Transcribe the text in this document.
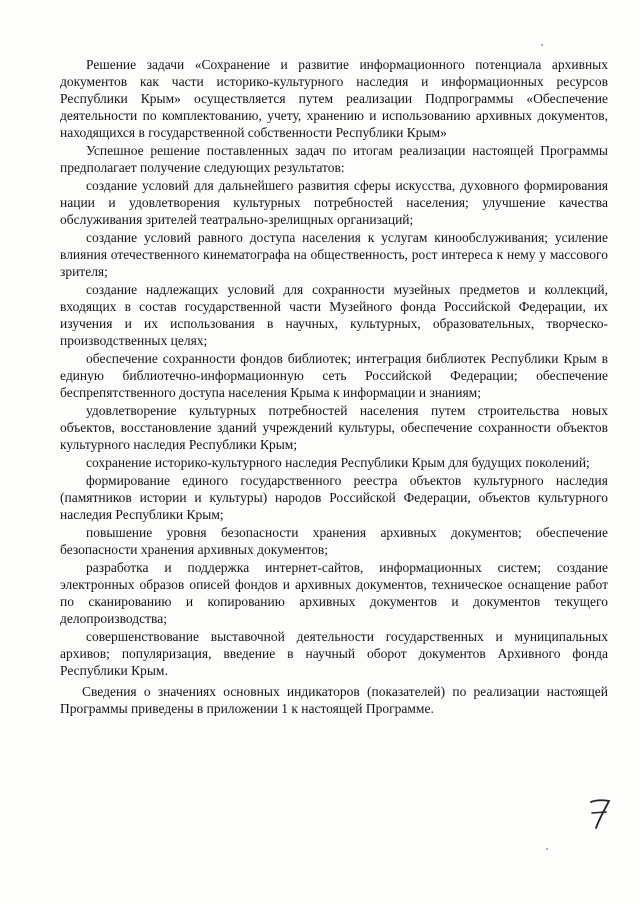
Решение задачи «Сохранение и развитие информационного потенциала архивных документов как части историко-культурного наследия и информационных ресурсов Республики Крым» осуществляется путем реализации Подпрограммы «Обеспечение деятельности по комплектованию, учету, хранению и использованию архивных документов, находящихся в государственной собственности Республики Крым»

Успешное решение поставленных задач по итогам реализации настоящей Программы предполагает получение следующих результатов:

создание условий для дальнейшего развития сферы искусства, духовного формирования нации и удовлетворения культурных потребностей населения; улучшение качества обслуживания зрителей театрально-зрелищных организаций;

создание условий равного доступа населения к услугам кинообслуживания; усиление влияния отечественного кинематографа на общественность, рост интереса к нему у массового зрителя;

создание надлежащих условий для сохранности музейных предметов и коллекций, входящих в состав государственной части Музейного фонда Российской Федерации, их изучения и их использования в научных, культурных, образовательных, творческо-производственных целях;

обеспечение сохранности фондов библиотек; интеграция библиотек Республики Крым в единую библиотечно-информационную сеть Российской Федерации; обеспечение беспрепятственного доступа населения Крыма к информации и знаниям;

удовлетворение культурных потребностей населения путем строительства новых объектов, восстановление зданий учреждений культуры, обеспечение сохранности объектов культурного наследия Республики Крым;

сохранение историко-культурного наследия Республики Крым для будущих поколений;

формирование единого государственного реестра объектов культурного наследия (памятников истории и культуры) народов Российской Федерации, объектов культурного наследия Республики Крым;

повышение уровня безопасности хранения архивных документов; обеспечение безопасности хранения архивных документов;

разработка и поддержка интернет-сайтов, информационных систем; создание электронных образов описей фондов и архивных документов, техническое оснащение работ по сканированию и копированию архивных документов и документов текущего делопроизводства;

совершенствование выставочной деятельности государственных и муниципальных архивов; популяризация, введение в научный оборот документов Архивного фонда Республики Крым.

Сведения о значениях основных индикаторов (показателей) по реализации настоящей Программы приведены в приложении 1 к настоящей Программе.
